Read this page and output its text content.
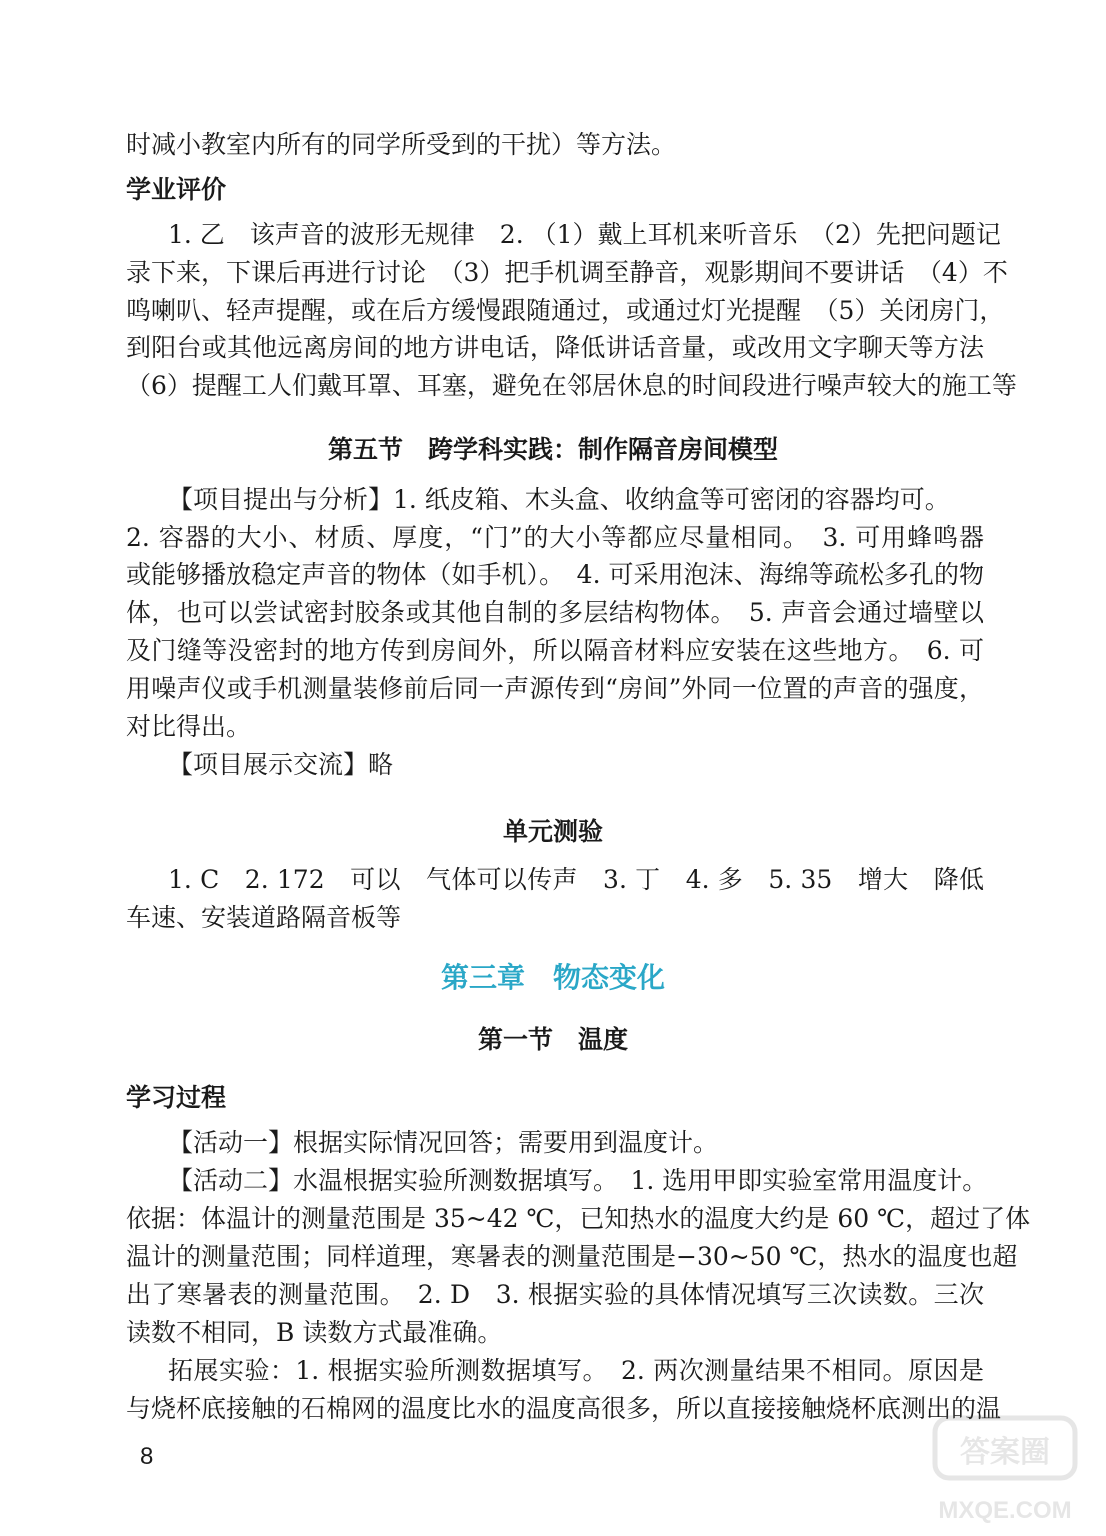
时减小教室内所有的同学所受到的干扰）等方法。
学业评价
1. 乙　该声音的波形无规律　2. （1）戴上耳机来听音乐　（2）先把问题记
录下来，下课后再进行讨论　（3）把手机调至静音，观影期间不要讲话　（4）不
鸣喇叭、轻声提醒，或在后方缓慢跟随通过，或通过灯光提醒　（5）关闭房门，
到阳台或其他远离房间的地方讲电话，降低讲话音量，或改用文字聊天等方法
（6）提醒工人们戴耳罩、耳塞，避免在邻居休息的时间段进行噪声较大的施工等
第五节　跨学科实践：制作隔音房间模型
【项目提出与分析】1. 纸皮箱、木头盒、收纳盒等可密闭的容器均可。
2. 容器的大小、材质、厚度，“门”的大小等都应尽量相同。　3. 可用蜂鸣器
或能够播放稳定声音的物体（如手机）。　4. 可采用泡沫、海绵等疏松多孔的物
体，也可以尝试密封胶条或其他自制的多层结构物体。　5. 声音会通过墙壁以
及门缝等没密封的地方传到房间外，所以隔音材料应安装在这些地方。　6. 可
用噪声仪或手机测量装修前后同一声源传到“房间”外同一位置的声音的强度，
对比得出。
【项目展示交流】略
单元测验
1. C　2. 172　可以　气体可以传声　3. 丁　4. 多　5. 35　增大　降低
车速、安装道路隔音板等
第三章　物态变化
第一节　温度
学习过程
【活动一】根据实际情况回答；需要用到温度计。
【活动二】水温根据实验所测数据填写。　1. 选用甲即实验室常用温度计。
依据：体温计的测量范围是 35~42 ℃，已知热水的温度大约是 60 ℃，超过了体
温计的测量范围；同样道理，寒暑表的测量范围是−30~50 ℃，热水的温度也超
出了寒暑表的测量范围。　2. D　3. 根据实验的具体情况填写三次读数。三次
读数不相同，B 读数方式最准确。
拓展实验：1. 根据实验所测数据填写。　2. 两次测量结果不相同。原因是
与烧杯底接触的石棉网的温度比水的温度高很多，所以直接接触烧杯底测出的温
8	答案圈
MXQE.COM
